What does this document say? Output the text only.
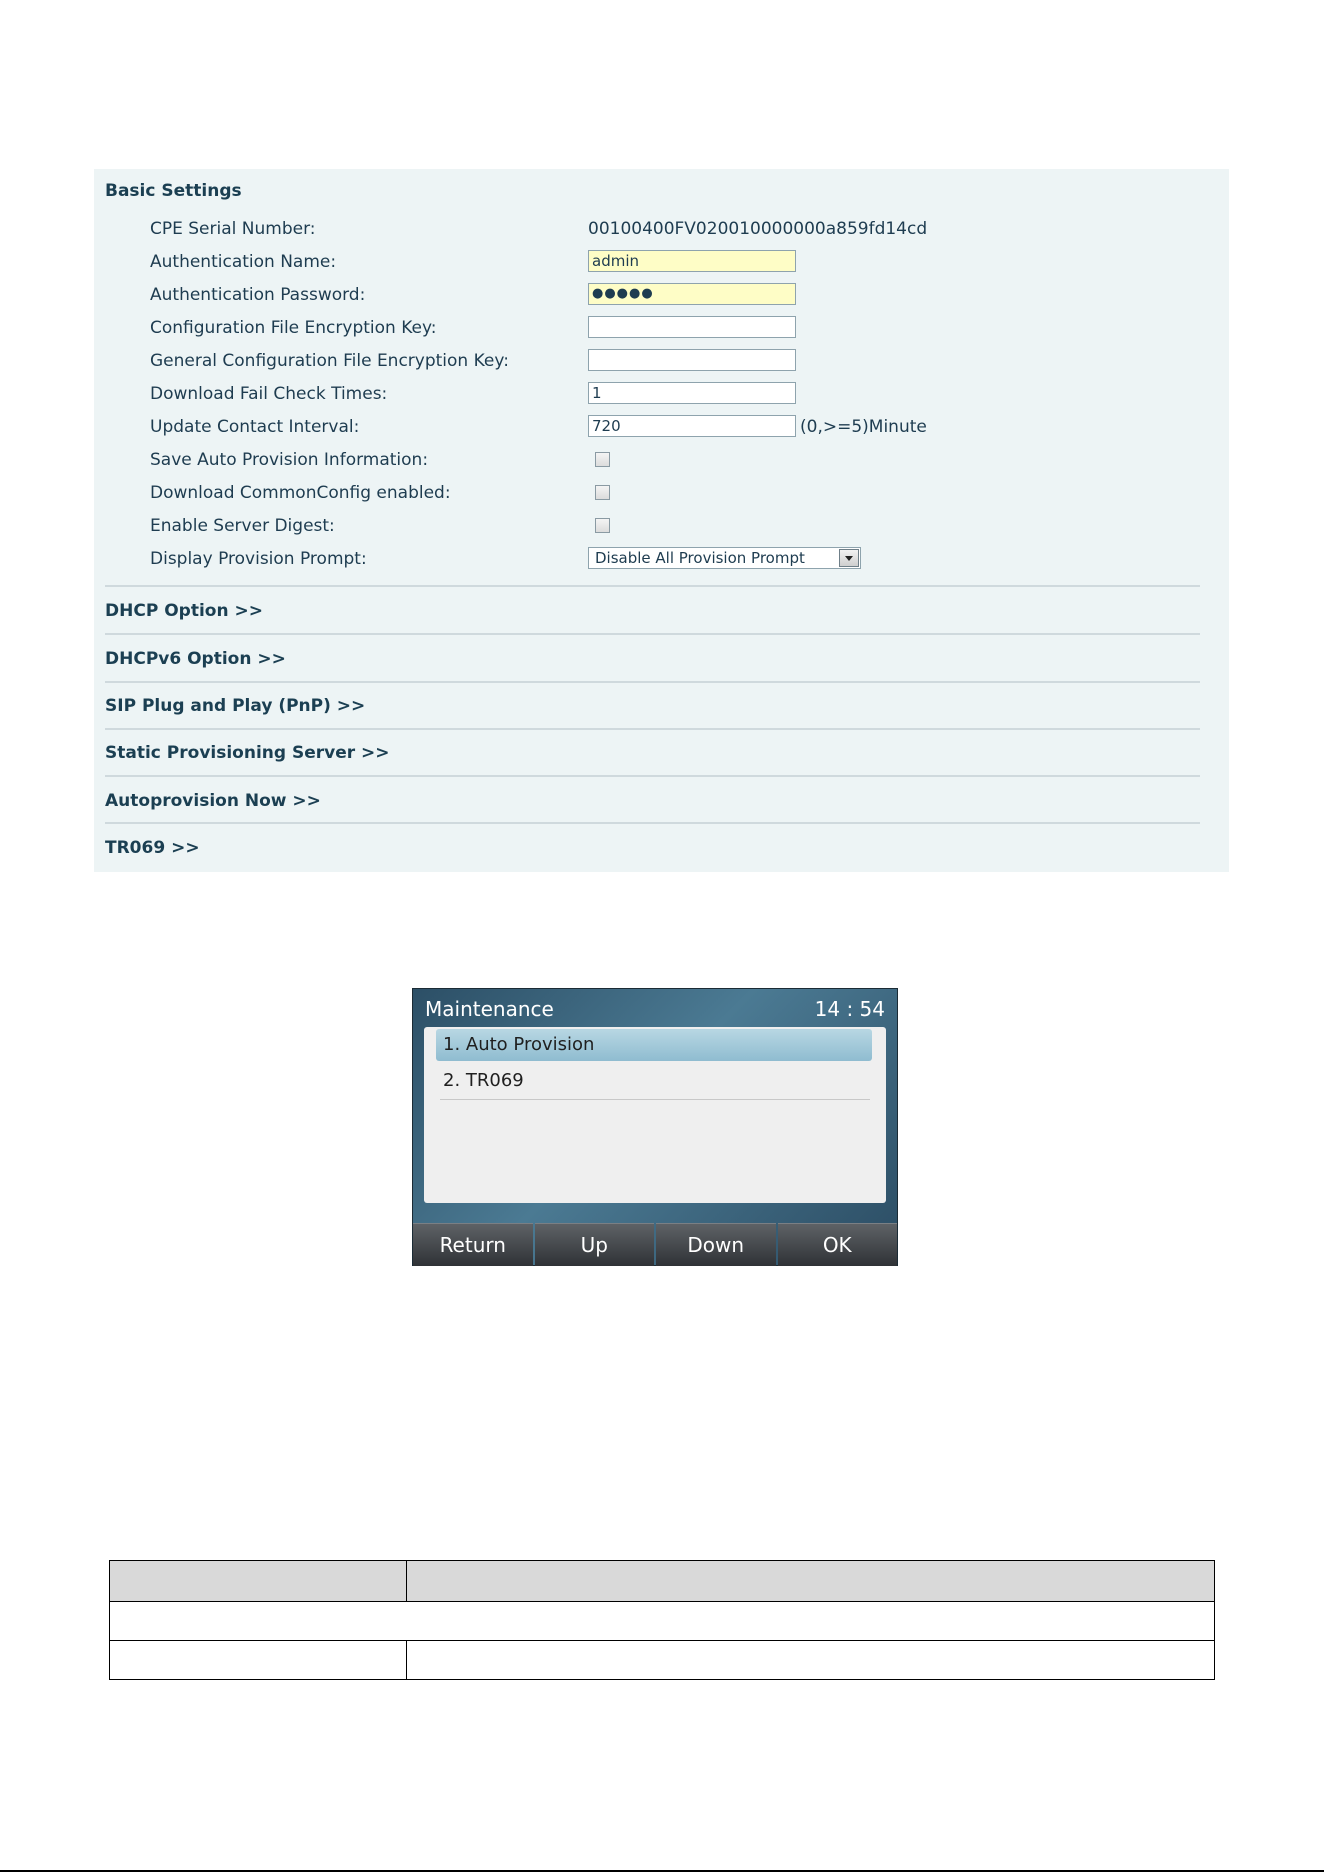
Basic Settings
CPE Serial Number:	00100400FV020010000000a859fd14cd
Authentication Name:
admin
Authentication Password:	●●●●●
Configuration File Encryption Key:
General Configuration File Encryption Key:
Download Fail Check Times:
1
Update Contact Interval:
720	(0,>=5)Minute
Save Auto Provision Information:
Download CommonConfig enabled:
Enable Server Digest:
Display Provision Prompt:	Disable All Provision Prompt
DHCP Option >>
DHCPv6 Option >>
SIP Plug and Play (PnP) >>
Static Provisioning Server >>
Autoprovision Now >>
TR069 >>
Maintenance	14 : 54
1. Auto Provision
2. TR069
Return	Up	Down	OK
